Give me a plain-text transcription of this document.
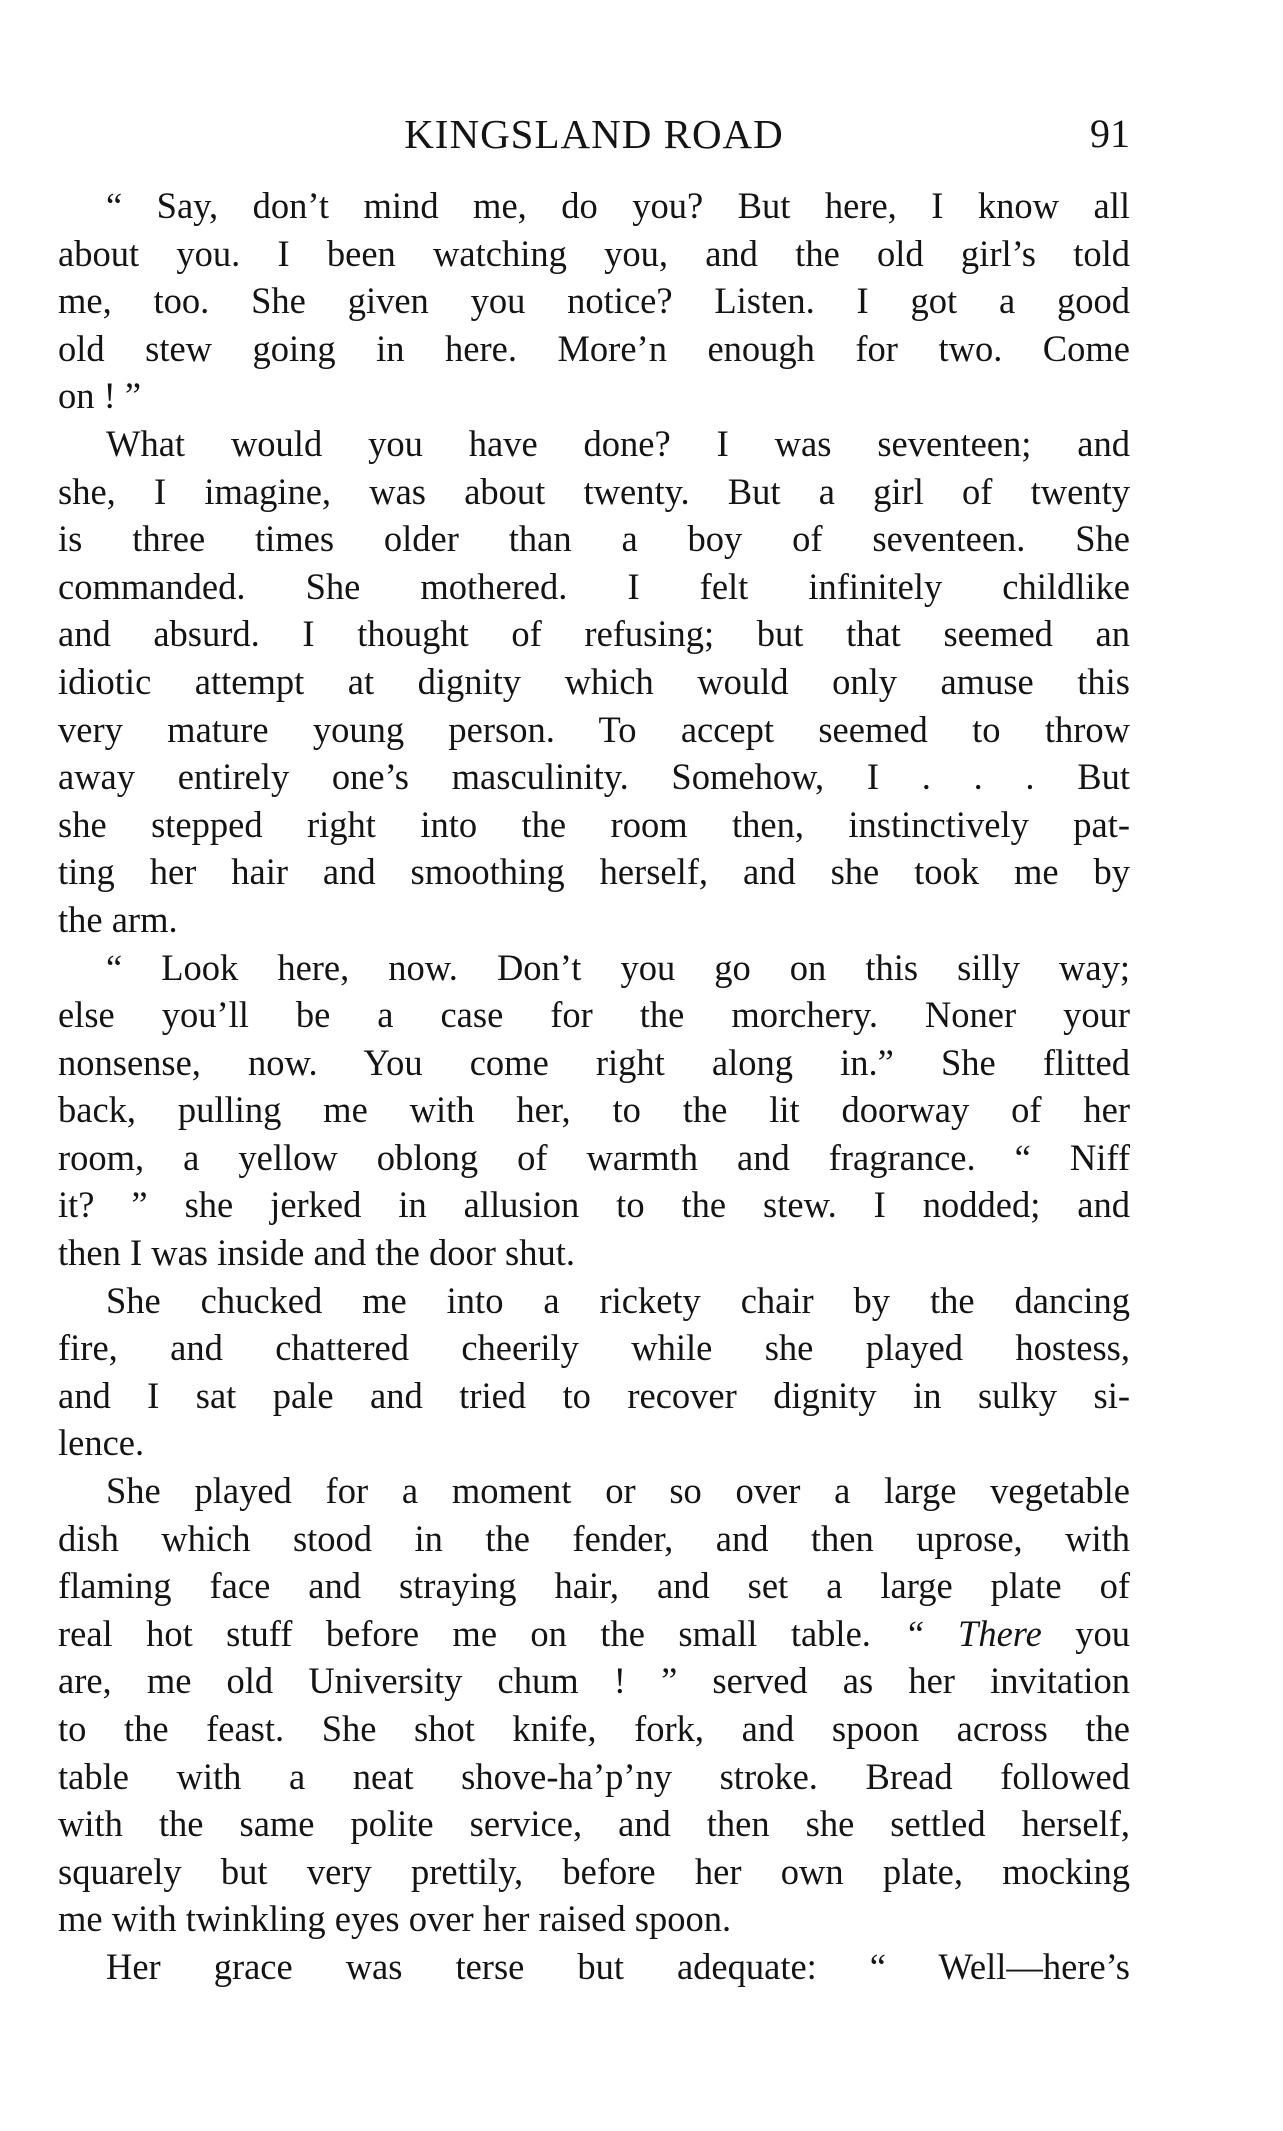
KINGSLAND ROAD	91
“ Say, don’t mind me, do you? But here, I know all
about you. I been watching you, and the old girl’s told
me, too. She given you notice? Listen. I got a good
old stew going in here. More’n enough for two. Come
on ! ”
What would you have done? I was seventeen; and
she, I imagine, was about twenty. But a girl of twenty
is three times older than a boy of seventeen. She
commanded. She mothered. I felt infinitely childlike
and absurd. I thought of refusing; but that seemed an
idiotic attempt at dignity which would only amuse this
very mature young person. To accept seemed to throw
away entirely one’s masculinity. Somehow, I . . . But
she stepped right into the room then, instinctively pat-
ting her hair and smoothing herself, and she took me by
the arm.
“ Look here, now. Don’t you go on this silly way;
else you’ll be a case for the morchery. Noner your
nonsense, now. You come right along in.” She flitted
back, pulling me with her, to the lit doorway of her
room, a yellow oblong of warmth and fragrance. “ Niff
it? ” she jerked in allusion to the stew. I nodded; and
then I was inside and the door shut.
She chucked me into a rickety chair by the dancing
fire, and chattered cheerily while she played hostess,
and I sat pale and tried to recover dignity in sulky si-
lence.
She played for a moment or so over a large vegetable
dish which stood in the fender, and then uprose, with
flaming face and straying hair, and set a large plate of
real hot stuff before me on the small table. “ There you
are, me old University chum ! ” served as her invitation
to the feast. She shot knife, fork, and spoon across the
table with a neat shove-ha’p’ny stroke. Bread followed
with the same polite service, and then she settled herself,
squarely but very prettily, before her own plate, mocking
me with twinkling eyes over her raised spoon.
Her grace was terse but adequate: “ Well—here’s
